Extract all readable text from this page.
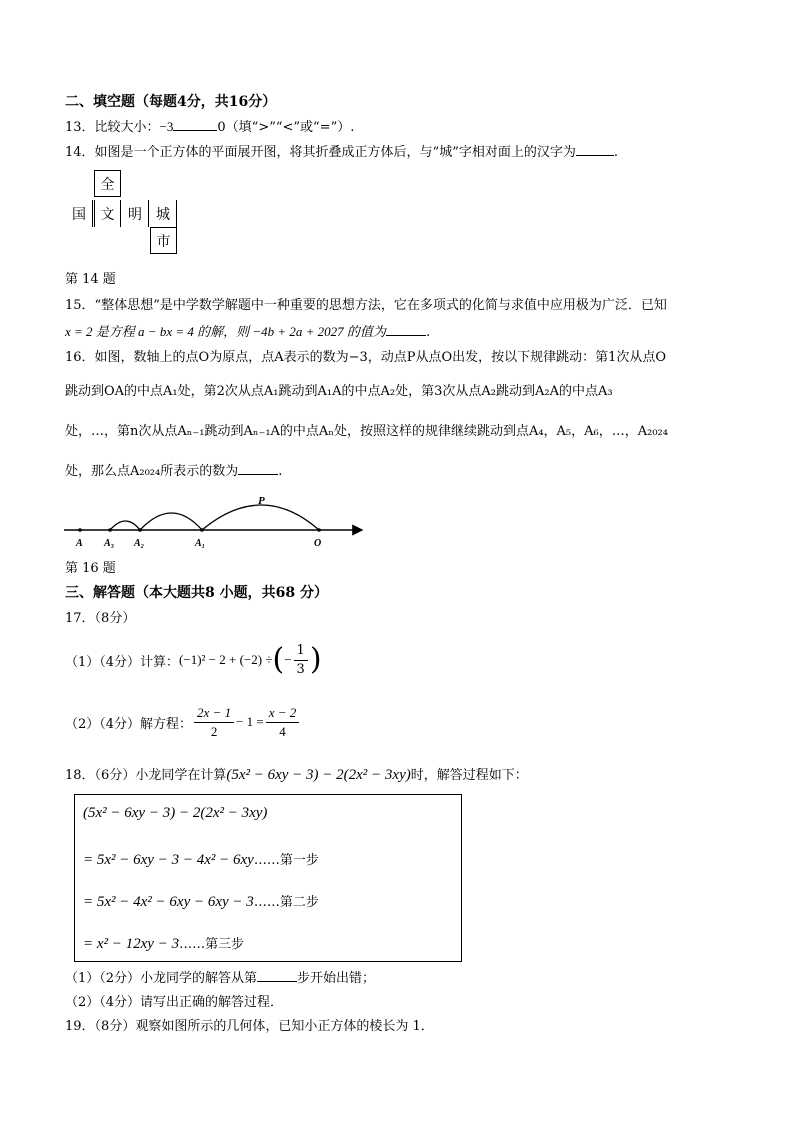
二、填空题（每题4分，共16分）
13．比较大小：−3	0（填“>”“<”或“=”）.
14．如图是一个正方体的平面展开图，将其折叠成正方体后，与“城”字相对面上的汉字为	.
全
国	文 明	城
市
第 14 题
15．“整体思想”是中学数学解题中一种重要的思想方法，它在多项式的化简与求值中应用极为广泛．已知
x = 2 是方程 a − bx = 4 的解，则 −4b + 2a + 2027 的值为	.
16．如图，数轴上的点O为原点，点A表示的数为−3，动点P从点O出发，按以下规律跳动：第1次从点O
跳动到OA的中点A₁处，第2次从点A₁跳动到A₁A的中点A₂处，第3次从点A₂跳动到A₂A的中点A₃
处，…，第n次从点Aₙ₋₁跳动到Aₙ₋₁A的中点Aₙ处，按照这样的规律继续跳动到点A₄，A₅，A₆，…，A₂₀₂₄
处，那么点A₂₀₂₄所表示的数为	.
A A₃ A₂	A₁	O
P
第 16 题
三、解答题（本大题共8 小题，共68 分）
17．（8分）
（1）（4分）计算： (−1)² − 2 + (−2) ÷ ( − $\frac{1}{3}$ )
（2）（4分）解方程： $\frac{2x - 1}{2} - 1 = \frac{x - 2}{4}$
18．（6分）小龙同学在计算(5x² − 6xy − 3) − 2(2x² − 3xy)时，解答过程如下：
(5x² − 6xy − 3) − 2(2x² − 3xy)
= 5x² − 6xy − 3 − 4x² − 6xy……第一步
= 5x² − 4x² − 6xy − 6xy − 3……第二步
= x² − 12xy − 3……第三步
（1）（2分）小龙同学的解答从第	步开始出错；
（2）（4分）请写出正确的解答过程．
19．（8分）观察如图所示的几何体，已知小正方体的棱长为 1．
